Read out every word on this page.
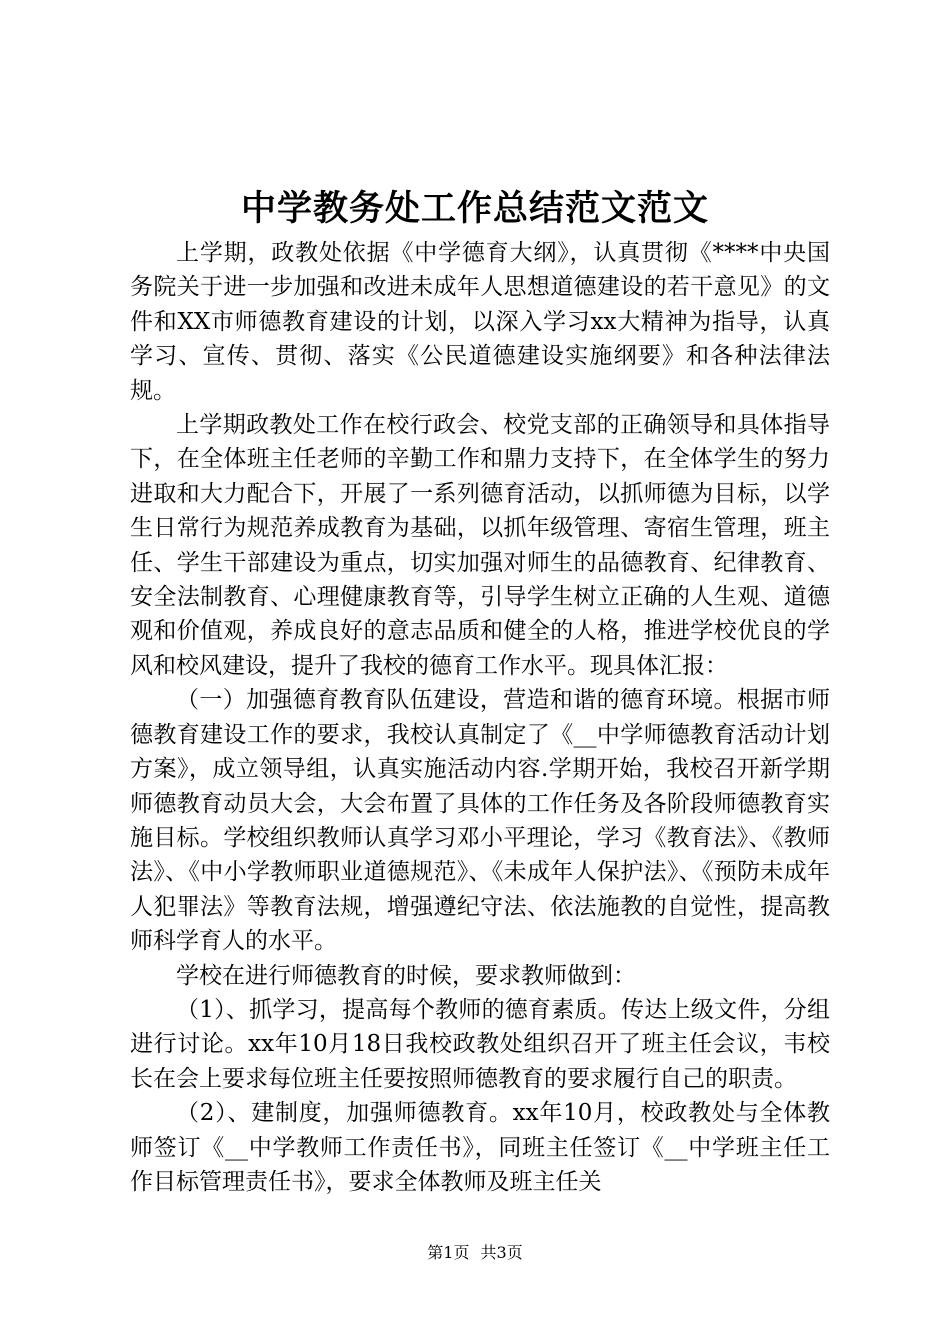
中学教务处工作总结范文范文

上学期，政教处依据《中学德育大纲》，认真贯彻《****中央国务院关于进一步加强和改进未成年人思想道德建设的若干意见》的文件和XX市师德教育建设的计划，以深入学习xx大精神为指导，认真学习、宣传、贯彻、落实《公民道德建设实施纲要》和各种法律法规。

上学期政教处工作在校行政会、校党支部的正确领导和具体指导下，在全体班主任老师的辛勤工作和鼎力支持下，在全体学生的努力进取和大力配合下，开展了一系列德育活动，以抓师德为目标，以学生日常行为规范养成教育为基础，以抓年级管理、寄宿生管理，班主任、学生干部建设为重点，切实加强对师生的品德教育、纪律教育、安全法制教育、心理健康教育等，引导学生树立正确的人生观、道德观和价值观，养成良好的意志品质和健全的人格，推进学校优良的学风和校风建设，提升了我校的德育工作水平。现具体汇报：

（一）加强德育教育队伍建设，营造和谐的德育环境。根据市师德教育建设工作的要求，我校认真制定了《__中学师德教育活动计划方案》，成立领导组，认真实施活动内容.学期开始，我校召开新学期师德教育动员大会，大会布置了具体的工作任务及各阶段师德教育实施目标。学校组织教师认真学习邓小平理论，学习《教育法》、《教师法》、《中小学教师职业道德规范》、《未成年人保护法》、《预防未成年人犯罪法》等教育法规，增强遵纪守法、依法施教的自觉性，提高教师科学育人的水平。

学校在进行师德教育的时候，要求教师做到：

（1）、抓学习，提高每个教师的德育素质。传达上级文件，分组进行讨论。xx年10月18日我校政教处组织召开了班主任会议，韦校长在会上要求每位班主任要按照师德教育的要求履行自己的职责。

（2）、建制度，加强师德教育。xx年10月，校政教处与全体教师签订《__中学教师工作责任书》，同班主任签订《__中学班主任工作目标管理责任书》，要求全体教师及班主任关

第1页 共3页
